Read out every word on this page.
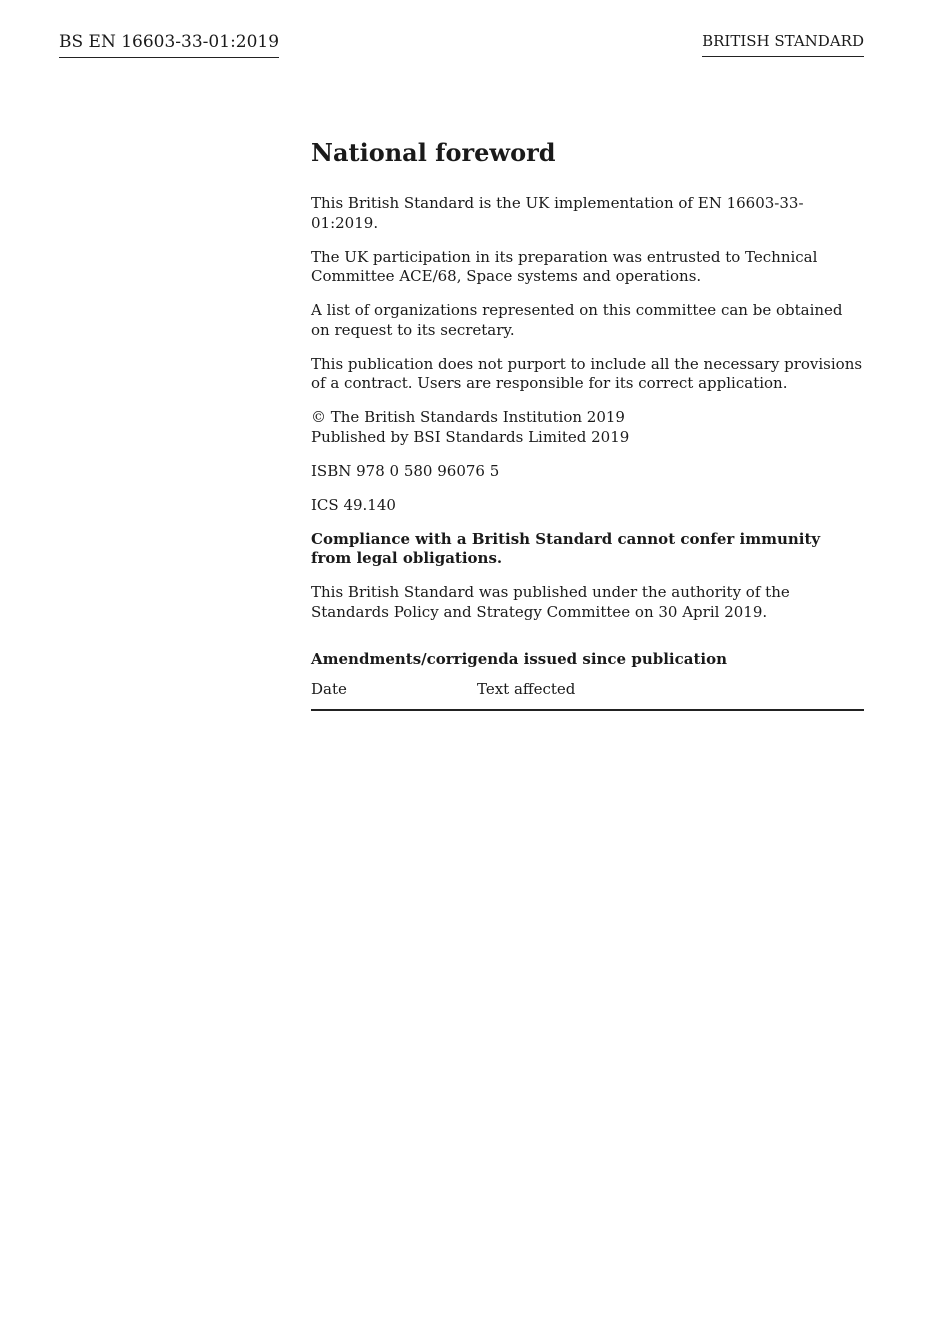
BS EN 16603-33-01:2019	BRITISH STANDARD
National foreword

This British Standard is the UK implementation of EN 16603-33-01:2019.

The UK participation in its preparation was entrusted to Technical Committee ACE/68, Space systems and operations.

A list of organizations represented on this committee can be obtained on request to its secretary.

This publication does not purport to include all the necessary provisions of a contract. Users are responsible for its correct application.

© The British Standards Institution 2019
Published by BSI Standards Limited 2019

ISBN 978 0 580 96076 5

ICS 49.140

Compliance with a British Standard cannot confer immunity from legal obligations.

This British Standard was published under the authority of the Standards Policy and Strategy Committee on 30 April 2019.

Amendments/corrigenda issued since publication
Date	Text affected
